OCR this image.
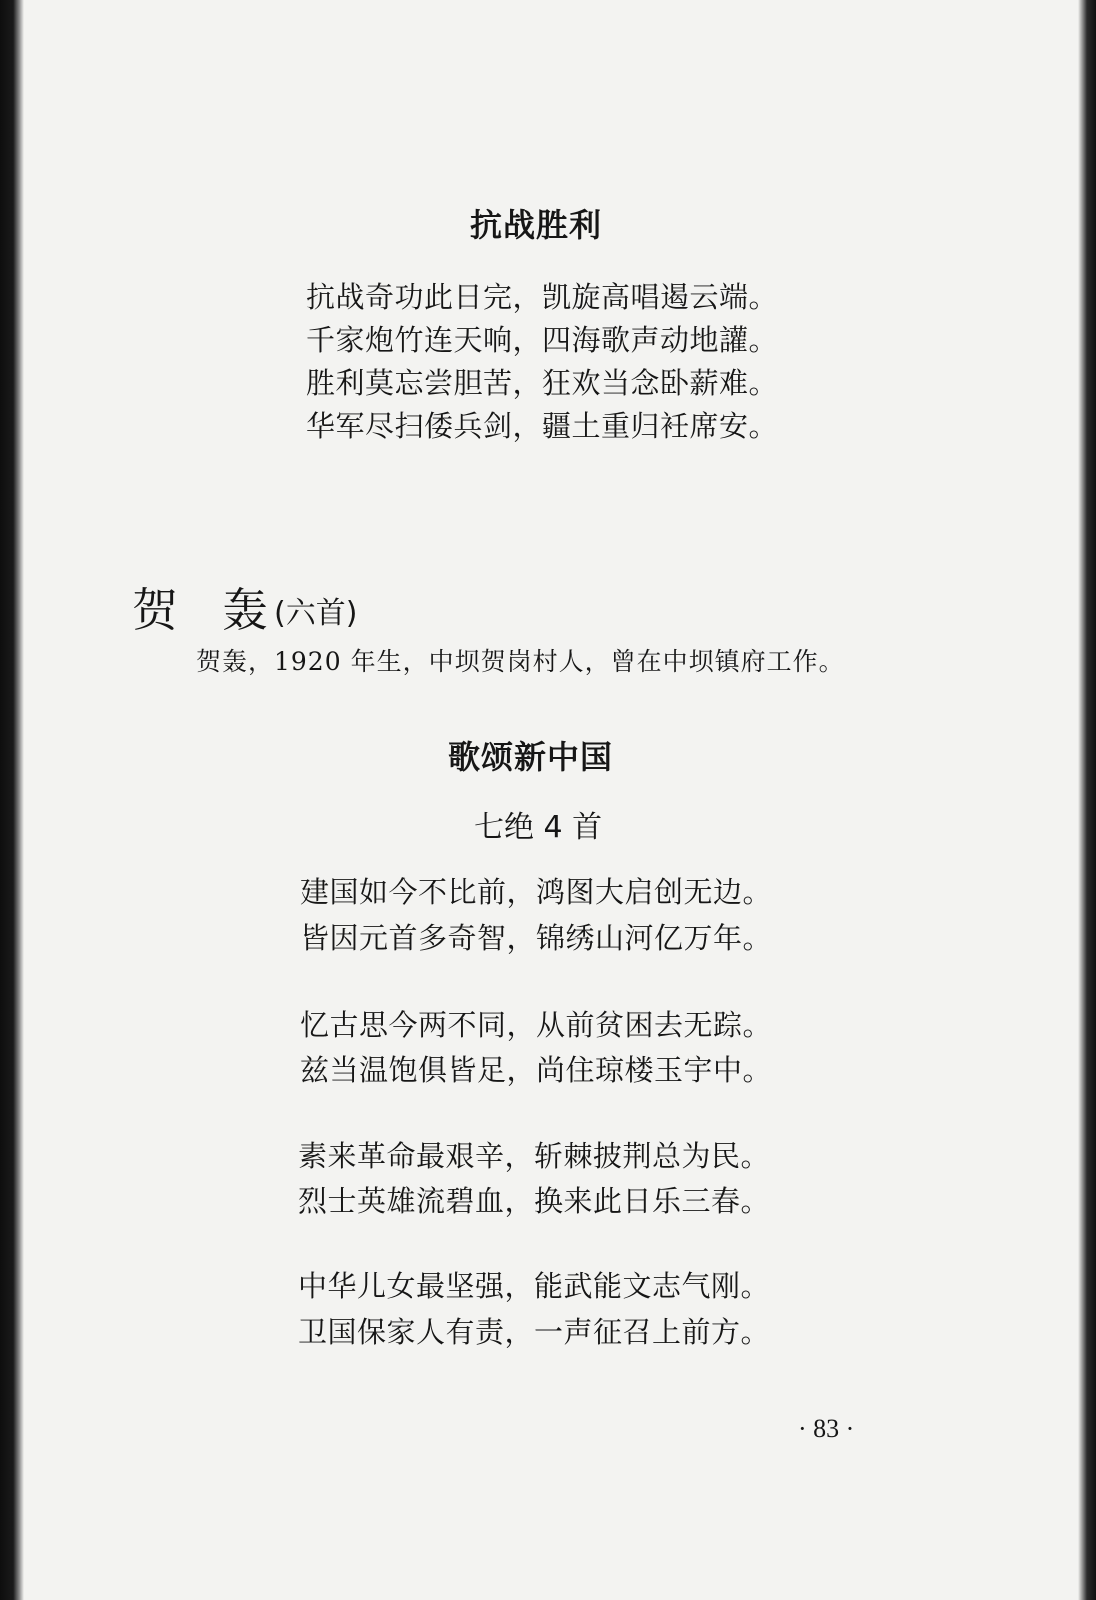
抗战胜利
抗战奇功此日完，凯旋高唱遏云端。
千家炮竹连天响，四海歌声动地讙。
胜利莫忘尝胆苦，狂欢当念卧薪难。
华军尽扫倭兵剑，疆土重归衽席安。
贺 轰 (六首)
贺轰，1920 年生，中坝贺岗村人，曾在中坝镇府工作。
歌颂新中国
七绝 4 首
建国如今不比前，鸿图大启创无边。
皆因元首多奇智，锦绣山河亿万年。
忆古思今两不同，从前贫困去无踪。
兹当温饱俱皆足，尚住琼楼玉宇中。
素来革命最艰辛，斩棘披荆总为民。
烈士英雄流碧血，换来此日乐三春。
中华儿女最坚强，能武能文志气刚。
卫国保家人有责，一声征召上前方。
· 83 ·
